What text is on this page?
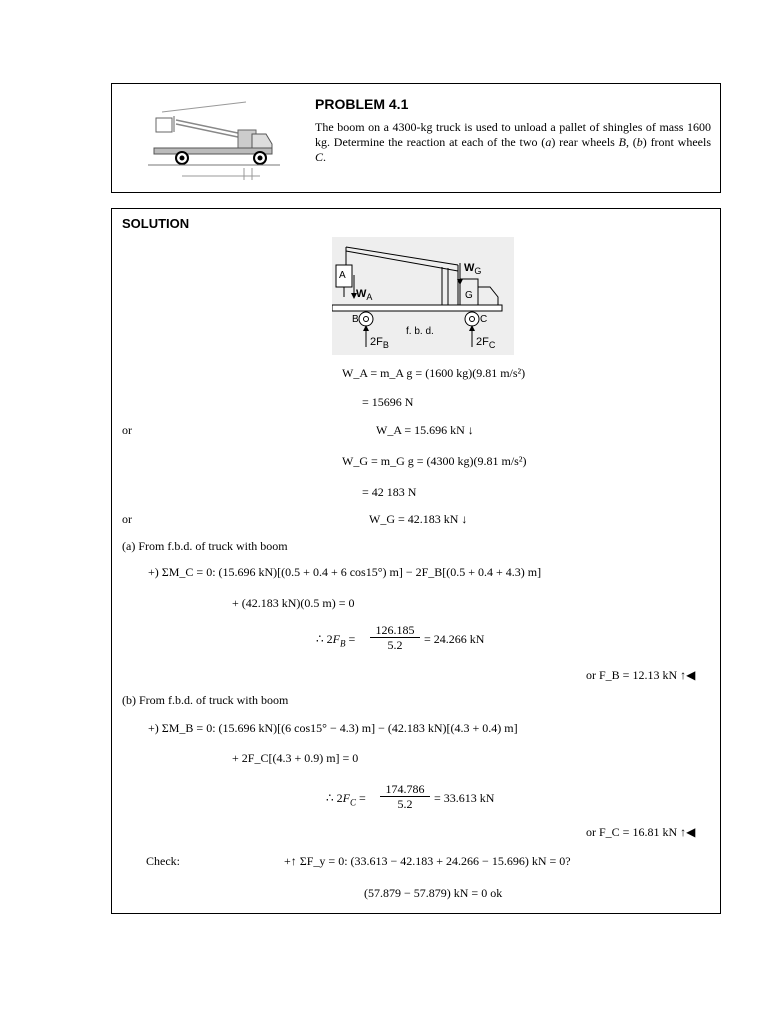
PROBLEM 4.1
The boom on a 4300-kg truck is used to unload a pallet of shingles of mass 1600 kg. Determine the reaction at each of the two (a) rear wheels B, (b) front wheels C.
SOLUTION
A
$W_A$
$W_G$
G
B	C
f. b. d.
$2F_B$	$2F_C$
W_A = m_A g = (1600 kg)(9.81 m/s²)
= 15696 N
or	W_A = 15.696 kN ↓
W_G = m_G g = (4300 kg)(9.81 m/s²)
= 42 183 N
or	W_G = 42.183 kN ↓
(a) From f.b.d. of truck with boom
+) ΣM_C = 0: (15.696 kN)[(0.5 + 0.4 + 6 cos15°) m] − 2F_B[(0.5 + 0.4 + 4.3) m]
+ (42.183 kN)(0.5 m) = 0
∴ $2F_B = \frac{126.185}{5.2} = 24.266$ kN
or F_B = 12.13 kN ↑◀
(b) From f.b.d. of truck with boom
+) ΣM_B = 0: (15.696 kN)[(6 cos15° − 4.3) m] − (42.183 kN)[(4.3 + 0.4) m]
+ 2F_C[(4.3 + 0.9) m] = 0
∴ $2F_C = \frac{174.786}{5.2} = 33.613$ kN
or F_C = 16.81 kN ↑◀
Check:	+↑ ΣF_y = 0: (33.613 − 42.183 + 24.266 − 15.696) kN = 0?
(57.879 − 57.879) kN = 0 ok
